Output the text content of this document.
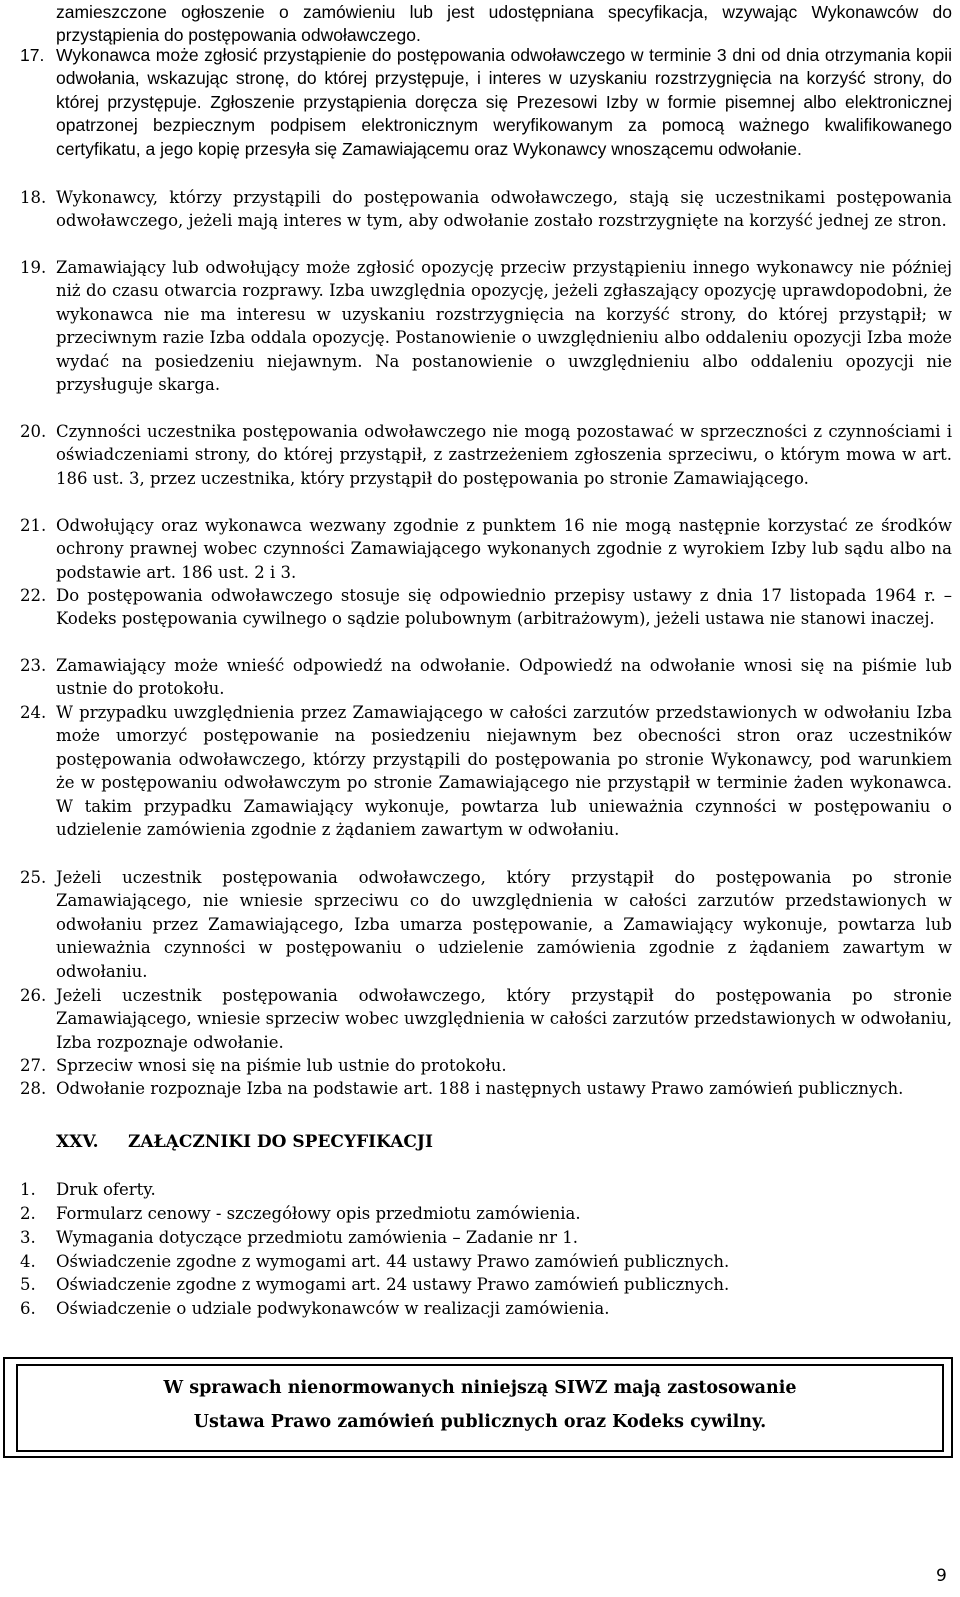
zamieszczone ogłoszenie o zamówieniu lub jest udostępniana specyfikacja, wzywając Wykonawców do przystąpienia do postępowania odwoławczego.
17. Wykonawca może zgłosić przystąpienie do postępowania odwoławczego w terminie 3 dni od dnia otrzymania kopii odwołania, wskazując stronę, do której przystępuje, i interes w uzyskaniu rozstrzygnięcia na korzyść strony, do której przystępuje. Zgłoszenie przystąpienia doręcza się Prezesowi Izby w formie pisemnej albo elektronicznej opatrzonej bezpiecznym podpisem elektronicznym weryfikowanym za pomocą ważnego kwalifikowanego certyfikatu, a jego kopię przesyła się Zamawiającemu oraz Wykonawcy wnoszącemu odwołanie.
18. Wykonawcy, którzy przystąpili do postępowania odwoławczego, stają się uczestnikami postępowania odwoławczego, jeżeli mają interes w tym, aby odwołanie zostało rozstrzygnięte na korzyść jednej ze stron.
19. Zamawiający lub odwołujący może zgłosić opozycję przeciw przystąpieniu innego wykonawcy nie później niż do czasu otwarcia rozprawy. Izba uwzględnia opozycję, jeżeli zgłaszający opozycję uprawdopodobni, że wykonawca nie ma interesu w uzyskaniu rozstrzygnięcia na korzyść strony, do której przystąpił; w przeciwnym razie Izba oddala opozycję. Postanowienie o uwzględnieniu albo oddaleniu opozycji Izba może wydać na posiedzeniu niejawnym. Na postanowienie o uwzględnieniu albo oddaleniu opozycji nie przysługuje skarga.
20. Czynności uczestnika postępowania odwoławczego nie mogą pozostawać w sprzeczności z czynnościami i oświadczeniami strony, do której przystąpił, z zastrzeżeniem zgłoszenia sprzeciwu, o którym mowa w art. 186 ust. 3, przez uczestnika, który przystąpił do postępowania po stronie Zamawiającego.
21. Odwołujący oraz wykonawca wezwany zgodnie z punktem 16 nie mogą następnie korzystać ze środków ochrony prawnej wobec czynności Zamawiającego wykonanych zgodnie z wyrokiem Izby lub sądu albo na podstawie art. 186 ust. 2 i 3.
22. Do postępowania odwoławczego stosuje się odpowiednio przepisy ustawy z dnia 17 listopada 1964 r. – Kodeks postępowania cywilnego o sądzie polubownym (arbitrażowym), jeżeli ustawa nie stanowi inaczej.
23. Zamawiający może wnieść odpowiedź na odwołanie. Odpowiedź na odwołanie wnosi się na piśmie lub ustnie do protokołu.
24. W przypadku uwzględnienia przez Zamawiającego w całości zarzutów przedstawionych w odwołaniu Izba może umorzyć postępowanie na posiedzeniu niejawnym bez obecności stron oraz uczestników postępowania odwoławczego, którzy przystąpili do postępowania po stronie Wykonawcy, pod warunkiem że w postępowaniu odwoławczym po stronie Zamawiającego nie przystąpił w terminie żaden wykonawca. W takim przypadku Zamawiający wykonuje, powtarza lub unieważnia czynności w postępowaniu o udzielenie zamówienia zgodnie z żądaniem zawartym w odwołaniu.
25. Jeżeli uczestnik postępowania odwoławczego, który przystąpił do postępowania po stronie Zamawiającego, nie wniesie sprzeciwu co do uwzględnienia w całości zarzutów przedstawionych w odwołaniu przez Zamawiającego, Izba umarza postępowanie, a Zamawiający wykonuje, powtarza lub unieważnia czynności w postępowaniu o udzielenie zamówienia zgodnie z żądaniem zawartym w odwołaniu.
26. Jeżeli uczestnik postępowania odwoławczego, który przystąpił do postępowania po stronie Zamawiającego, wniesie sprzeciw wobec uwzględnienia w całości zarzutów przedstawionych w odwołaniu, Izba rozpoznaje odwołanie.
27. Sprzeciw wnosi się na piśmie lub ustnie do protokołu.
28. Odwołanie rozpoznaje Izba na podstawie art. 188 i następnych ustawy Prawo zamówień publicznych.
XXV. ZAŁĄCZNIKI DO SPECYFIKACJI
1.	Druk oferty.
2.	Formularz cenowy - szczegółowy opis przedmiotu zamówienia.
3.	Wymagania dotyczące przedmiotu zamówienia – Zadanie nr 1.
4.	Oświadczenie zgodne z wymogami art. 44 ustawy Prawo zamówień publicznych.
5.	Oświadczenie zgodne z wymogami art. 24 ustawy Prawo zamówień publicznych.
6.	Oświadczenie o udziale podwykonawców w realizacji zamówienia.
W sprawach nienormowanych niniejszą SIWZ mają zastosowanie
Ustawa Prawo zamówień publicznych oraz Kodeks cywilny.
9
